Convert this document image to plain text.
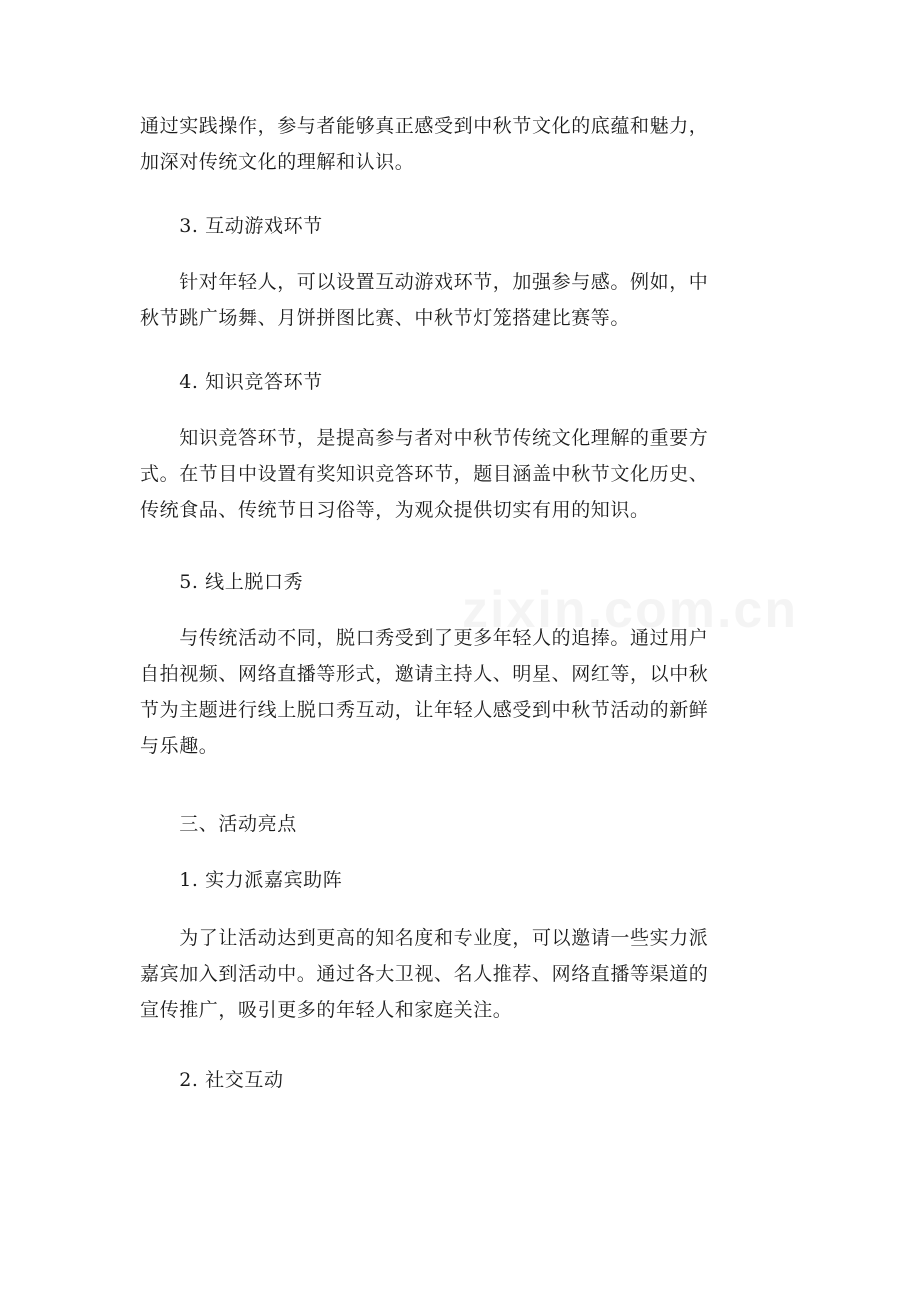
通过实践操作，参与者能够真正感受到中秋节文化的底蕴和魅力，
加深对传统文化的理解和认识。
　　3. 互动游戏环节
　　针对年轻人，可以设置互动游戏环节，加强参与感。例如，中
秋节跳广场舞、月饼拼图比赛、中秋节灯笼搭建比赛等。
　　4. 知识竞答环节
　　知识竞答环节，是提高参与者对中秋节传统文化理解的重要方
式。在节目中设置有奖知识竞答环节，题目涵盖中秋节文化历史、
传统食品、传统节日习俗等，为观众提供切实有用的知识。
　　5. 线上脱口秀
　　与传统活动不同，脱口秀受到了更多年轻人的追捧。通过用户
自拍视频、网络直播等形式，邀请主持人、明星、网红等，以中秋
节为主题进行线上脱口秀互动，让年轻人感受到中秋节活动的新鲜
与乐趣。
　　三、活动亮点
　　1. 实力派嘉宾助阵
　　为了让活动达到更高的知名度和专业度，可以邀请一些实力派
嘉宾加入到活动中。通过各大卫视、名人推荐、网络直播等渠道的
宣传推广，吸引更多的年轻人和家庭关注。
　　2. 社交互动
zixin.com.cn
